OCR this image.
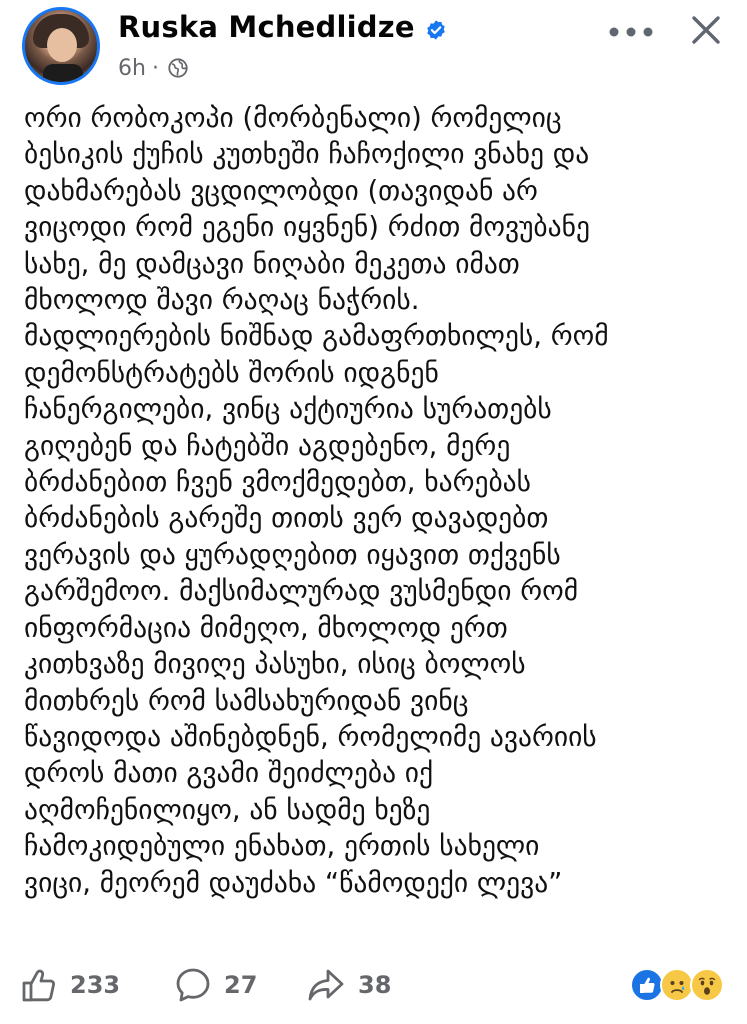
Ruska Mchedlidze
6h ·
ორი რობოკოპი (მორბენალი) რომელიც
ბესიკის ქუჩის კუთხეში ჩაჩოქილი ვნახე და
დახმარებას ვცდილობდი (თავიდან არ
ვიცოდი რომ ეგენი იყვნენ) რძით მოვუბანე
სახე, მე დამცავი ნიღაბი მეკეთა იმათ
მხოლოდ შავი რაღაც ნაჭრის.
მადლიერების ნიშნად გამაფრთხილეს, რომ
დემონსტრატებს შორის იდგნენ
ჩანერგილები, ვინც აქტიურია სურათებს
გიღებენ და ჩატებში აგდებენო, მერე
ბრძანებით ჩვენ ვმოქმედებთ, ხარებას
ბრძანების გარეშე თითს ვერ დავადებთ
ვერავის და ყურადღებით იყავით თქვენს
გარშემოო. მაქსიმალურად ვუსმენდი რომ
ინფორმაცია მიმეღო, მხოლოდ ერთ
კითხვაზე მივიღე პასუხი, ისიც ბოლოს
მითხრეს რომ სამსახურიდან ვინც
წავიდოდა აშინებდნენ, რომელიმე ავარიის
დროს მათი გვამი შეიძლება იქ
აღმოჩენილიყო, ან სადმე ხეზე
ჩამოკიდებული ენახათ, ერთის სახელი
ვიცი, მეორემ დაუძახა “წამოდექი ლევა”
233	27	38
